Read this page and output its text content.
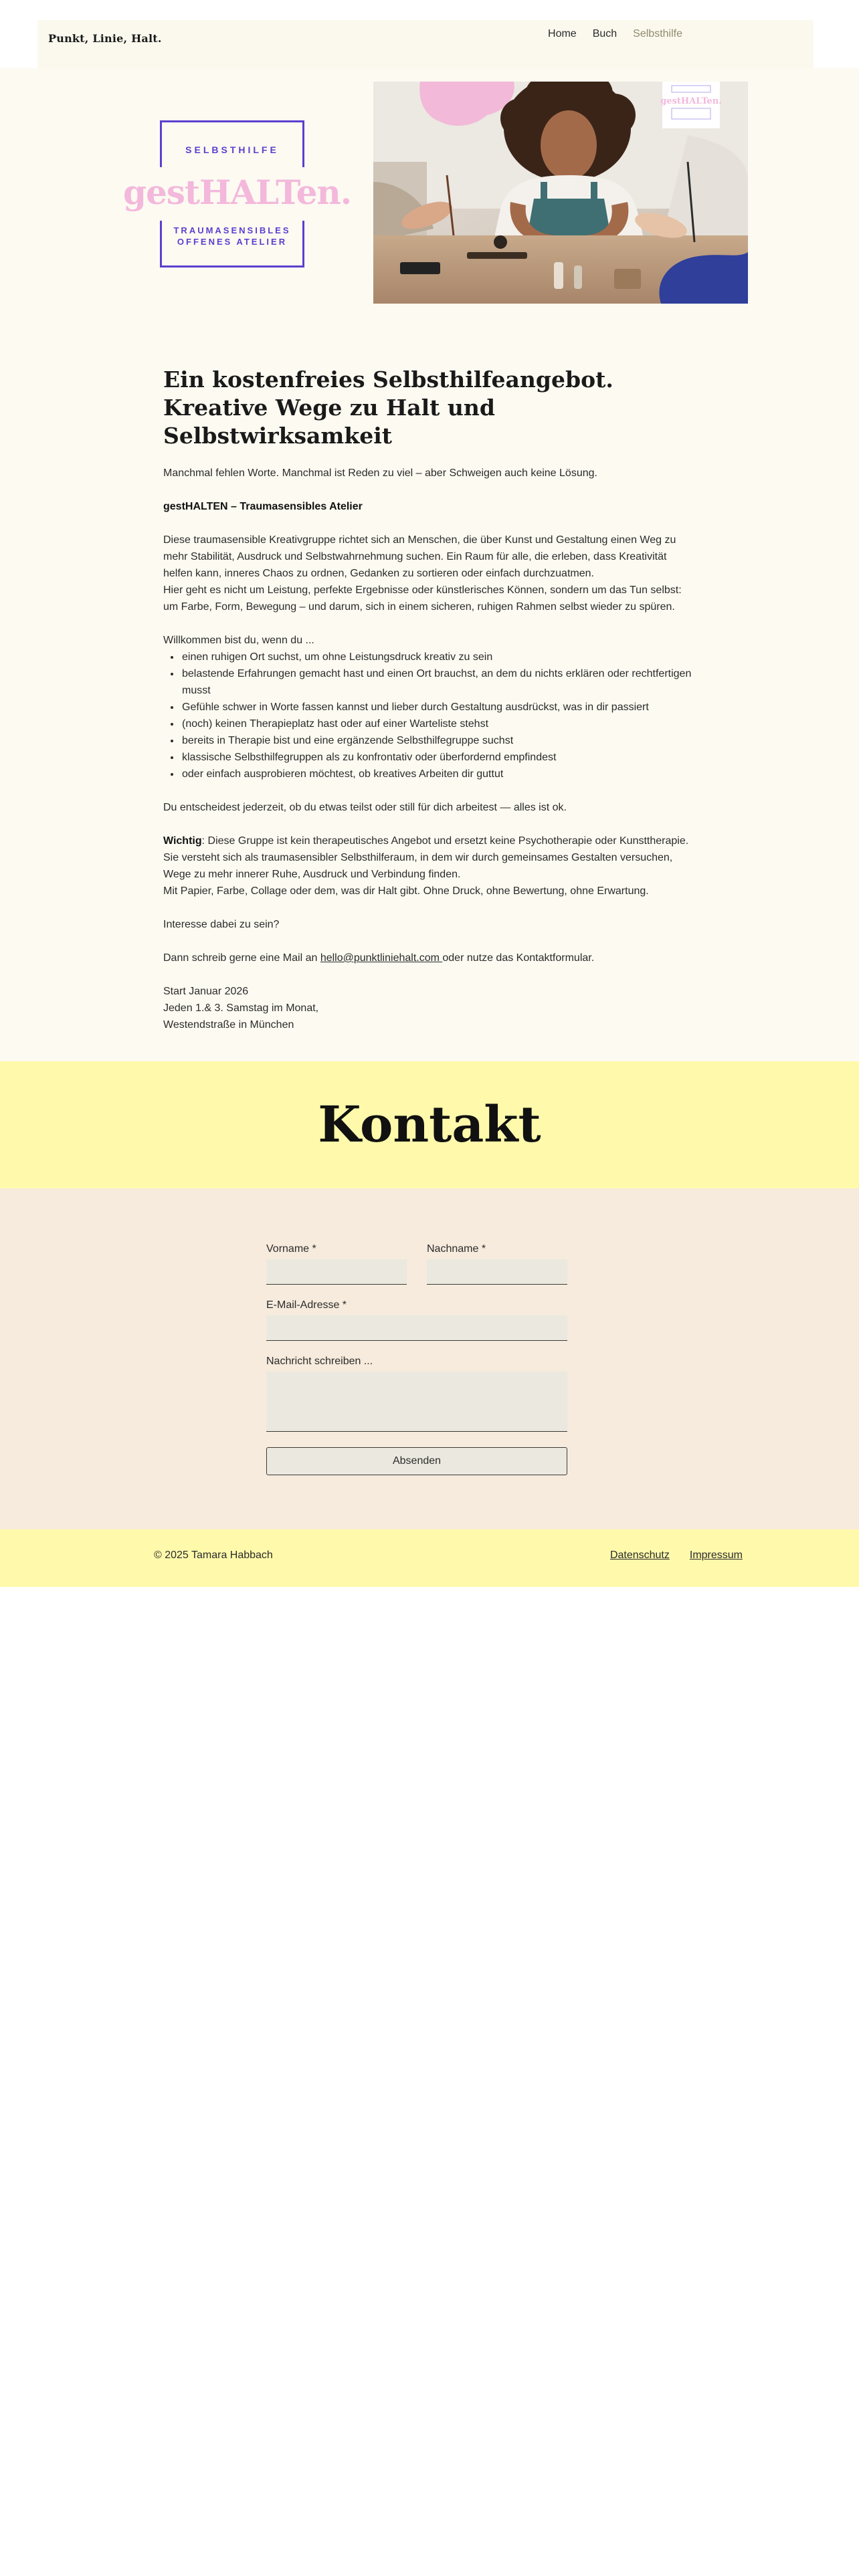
Punkt, Linie, Halt.	Home Buch Selbsthilfe
SELBSTHILFE
gestHALTen.
TRAUMASENSIBLES
OFFENES ATELIER
gestHALTen.
Ein kostenfreies Selbsthilfeangebot.
Kreative Wege zu Halt und Selbstwirksamkeit

Manchmal fehlen Worte. Manchmal ist Reden zu viel – aber Schweigen auch keine Lösung.

gestHALTEN – Traumasensibles Atelier

Diese traumasensible Kreativgruppe richtet sich an Menschen, die über Kunst und Gestaltung einen Weg zu mehr Stabilität, Ausdruck und Selbstwahrnehmung suchen. Ein Raum für alle, die erleben, dass Kreativität helfen kann, inneres Chaos zu ordnen, Gedanken zu sortieren oder einfach durchzuatmen.

Hier geht es nicht um Leistung, perfekte Ergebnisse oder künstlerisches Können, sondern um das Tun selbst: um Farbe, Form, Bewegung – und darum, sich in einem sicheren, ruhigen Rahmen selbst wieder zu spüren.

Willkommen bist du, wenn du ...

• einen ruhigen Ort suchst, um ohne Leistungsdruck kreativ zu sein
• belastende Erfahrungen gemacht hast und einen Ort brauchst, an dem du nichts erklären oder rechtfertigen musst
• Gefühle schwer in Worte fassen kannst und lieber durch Gestaltung ausdrückst, was in dir passiert
• (noch) keinen Therapieplatz hast oder auf einer Warteliste stehst
• bereits in Therapie bist und eine ergänzende Selbsthilfegruppe suchst
• klassische Selbsthilfegruppen als zu konfrontativ oder überfordernd empfindest
• oder einfach ausprobieren möchtest, ob kreatives Arbeiten dir guttut

Du entscheidest jederzeit, ob du etwas teilst oder still für dich arbeitest — alles ist ok.

Wichtig: Diese Gruppe ist kein therapeutisches Angebot und ersetzt keine Psychotherapie oder Kunsttherapie. Sie versteht sich als traumasensibler Selbsthilferaum, in dem wir durch gemeinsames Gestalten versuchen, Wege zu mehr innerer Ruhe, Ausdruck und Verbindung finden.

Mit Papier, Farbe, Collage oder dem, was dir Halt gibt. Ohne Druck, ohne Bewertung, ohne Erwartung.

Interesse dabei zu sein?

Dann schreib gerne eine Mail an hello@punktliniehalt.com oder nutze das Kontaktformular.

Start Januar 2026

Jeden 1.& 3. Samstag im Monat,

Westendstraße in München

Kontakt
Vorname *	Nachname *
E-Mail-Adresse *
Nachricht schreiben ...
Absenden
© 2025 Tamara Habbach	Datenschutz Impressum
